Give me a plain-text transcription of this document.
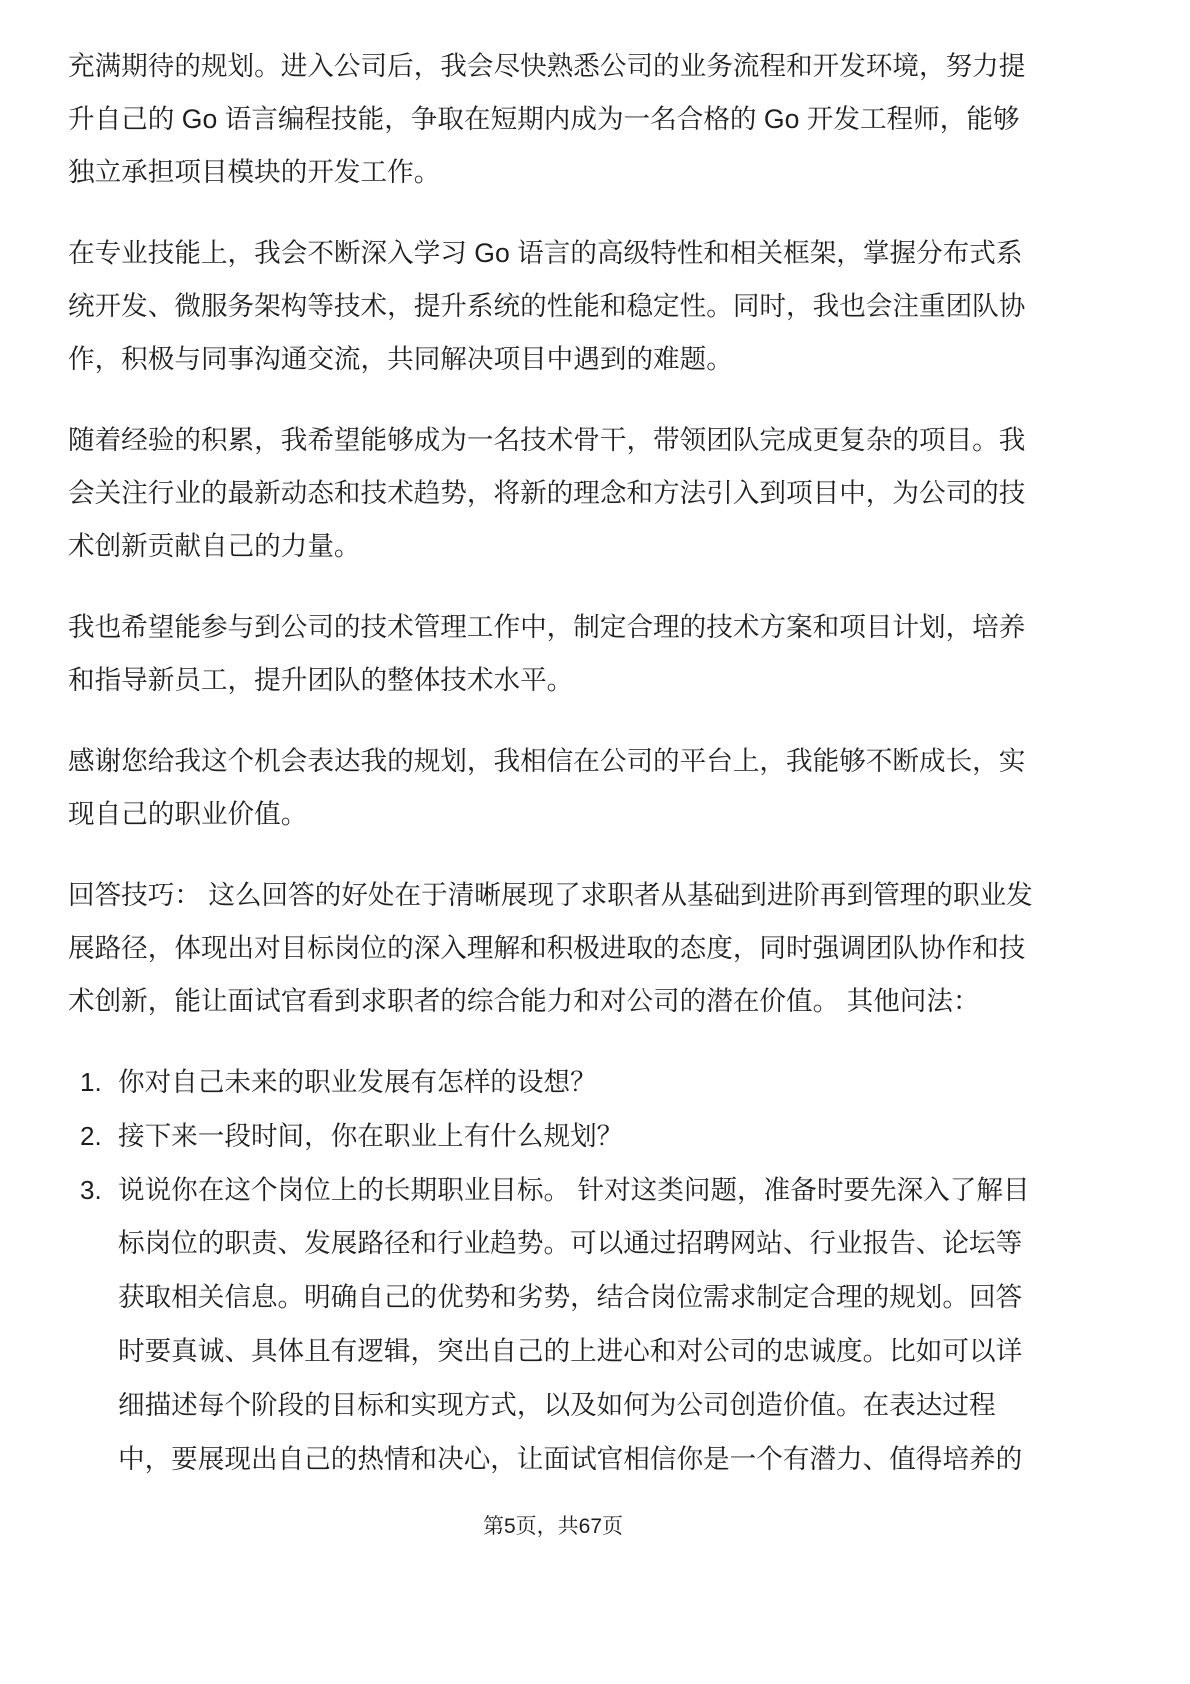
充满期待的规划。进入公司后，我会尽快熟悉公司的业务流程和开发环境，努力提
升自己的 Go 语言编程技能，争取在短期内成为一名合格的 Go 开发工程师，能够
独立承担项目模块的开发工作。

在专业技能上，我会不断深入学习 Go 语言的高级特性和相关框架，掌握分布式系
统开发、微服务架构等技术，提升系统的性能和稳定性。同时，我也会注重团队协
作，积极与同事沟通交流，共同解决项目中遇到的难题。

随着经验的积累，我希望能够成为一名技术骨干，带领团队完成更复杂的项目。我
会关注行业的最新动态和技术趋势，将新的理念和方法引入到项目中，为公司的技
术创新贡献自己的力量。

我也希望能参与到公司的技术管理工作中，制定合理的技术方案和项目计划，培养
和指导新员工，提升团队的整体技术水平。

感谢您给我这个机会表达我的规划，我相信在公司的平台上，我能够不断成长，实
现自己的职业价值。

回答技巧： 这么回答的好处在于清晰展现了求职者从基础到进阶再到管理的职业发
展路径，体现出对目标岗位的深入理解和积极进取的态度，同时强调团队协作和技
术创新，能让面试官看到求职者的综合能力和对公司的潜在价值。 其他问法：

1. 你对自己未来的职业发展有怎样的设想？
2. 接下来一段时间，你在职业上有什么规划？
3. 说说你在这个岗位上的长期职业目标。 针对这类问题，准备时要先深入了解目
标岗位的职责、发展路径和行业趋势。可以通过招聘网站、行业报告、论坛等
获取相关信息。明确自己的优势和劣势，结合岗位需求制定合理的规划。回答
时要真诚、具体且有逻辑，突出自己的上进心和对公司的忠诚度。比如可以详
细描述每个阶段的目标和实现方式，以及如何为公司创造价值。在表达过程
中，要展现出自己的热情和决心，让面试官相信你是一个有潜力、值得培养的
第5页，共67页
